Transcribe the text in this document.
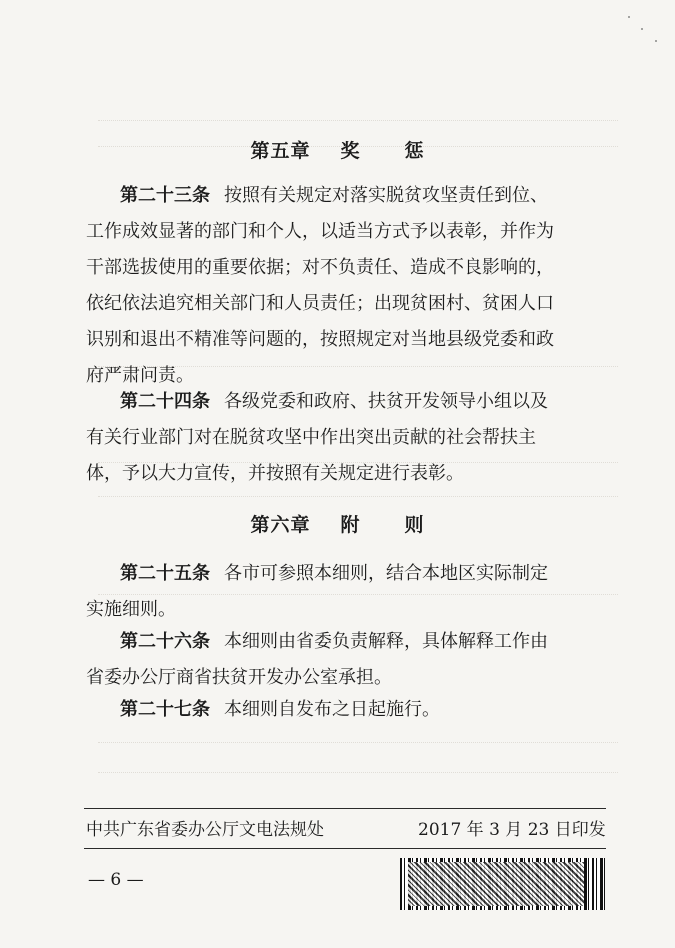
第五章 奖 惩
第二十三条 按照有关规定对落实脱贫攻坚责任到位、
工作成效显著的部门和个人，以适当方式予以表彰，并作为
干部选拔使用的重要依据；对不负责任、造成不良影响的，
依纪依法追究相关部门和人员责任；出现贫困村、贫困人口
识别和退出不精准等问题的，按照规定对当地县级党委和政
府严肃问责。
第二十四条 各级党委和政府、扶贫开发领导小组以及
有关行业部门对在脱贫攻坚中作出突出贡献的社会帮扶主
体，予以大力宣传，并按照有关规定进行表彰。
第六章 附 则
第二十五条 各市可参照本细则，结合本地区实际制定
实施细则。
第二十六条 本细则由省委负责解释，具体解释工作由
省委办公厅商省扶贫开发办公室承担。
第二十七条 本细则自发布之日起施行。
中共广东省委办公厅文电法规处	2017 年 3 月 23 日印发
— 6 —
